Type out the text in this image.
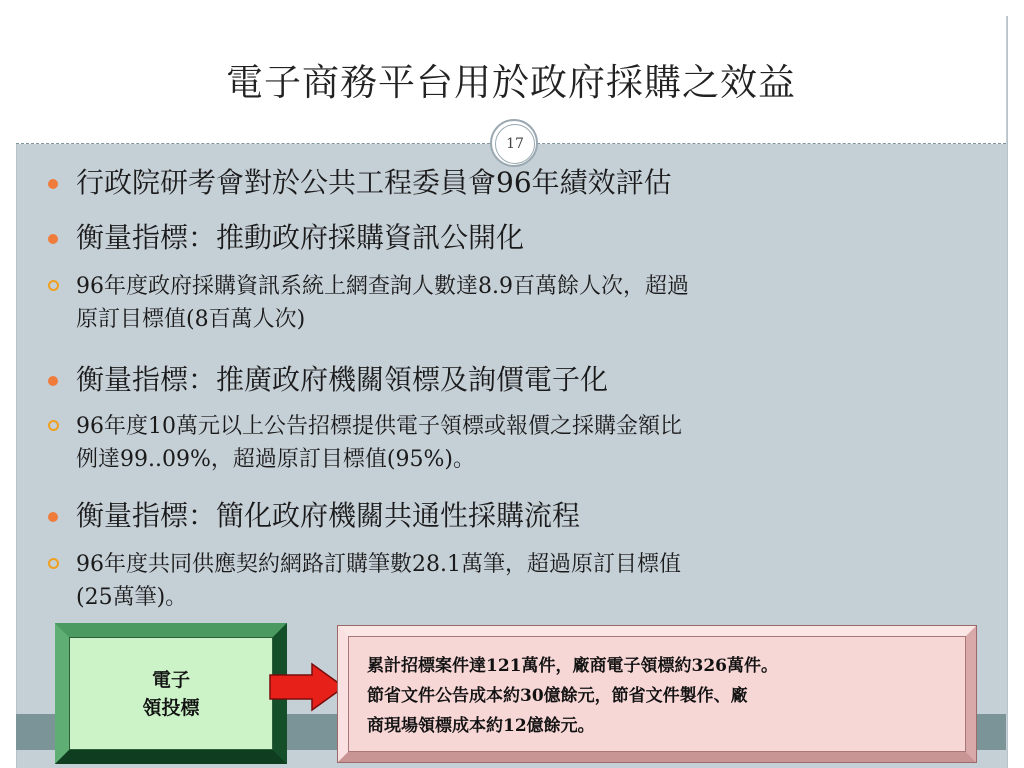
電子商務平台用於政府採購之效益
17
行政院研考會對於公共工程委員會96年績效評估
衡量指標：推動政府採購資訊公開化
96年度政府採購資訊系統上網查詢人數達8.9百萬餘人次，超過
原訂目標值(8百萬人次)
衡量指標：推廣政府機關領標及詢價電子化
96年度10萬元以上公告招標提供電子領標或報價之採購金額比
例達99..09%，超過原訂目標值(95%)。
衡量指標：簡化政府機關共通性採購流程
96年度共同供應契約網路訂購筆數28.1萬筆，超過原訂目標值
(25萬筆)。
電子
領投標
累計招標案件達121萬件，廠商電子領標約326萬件。
節省文件公告成本約30億餘元，節省文件製作、廠
商現場領標成本約12億餘元。
